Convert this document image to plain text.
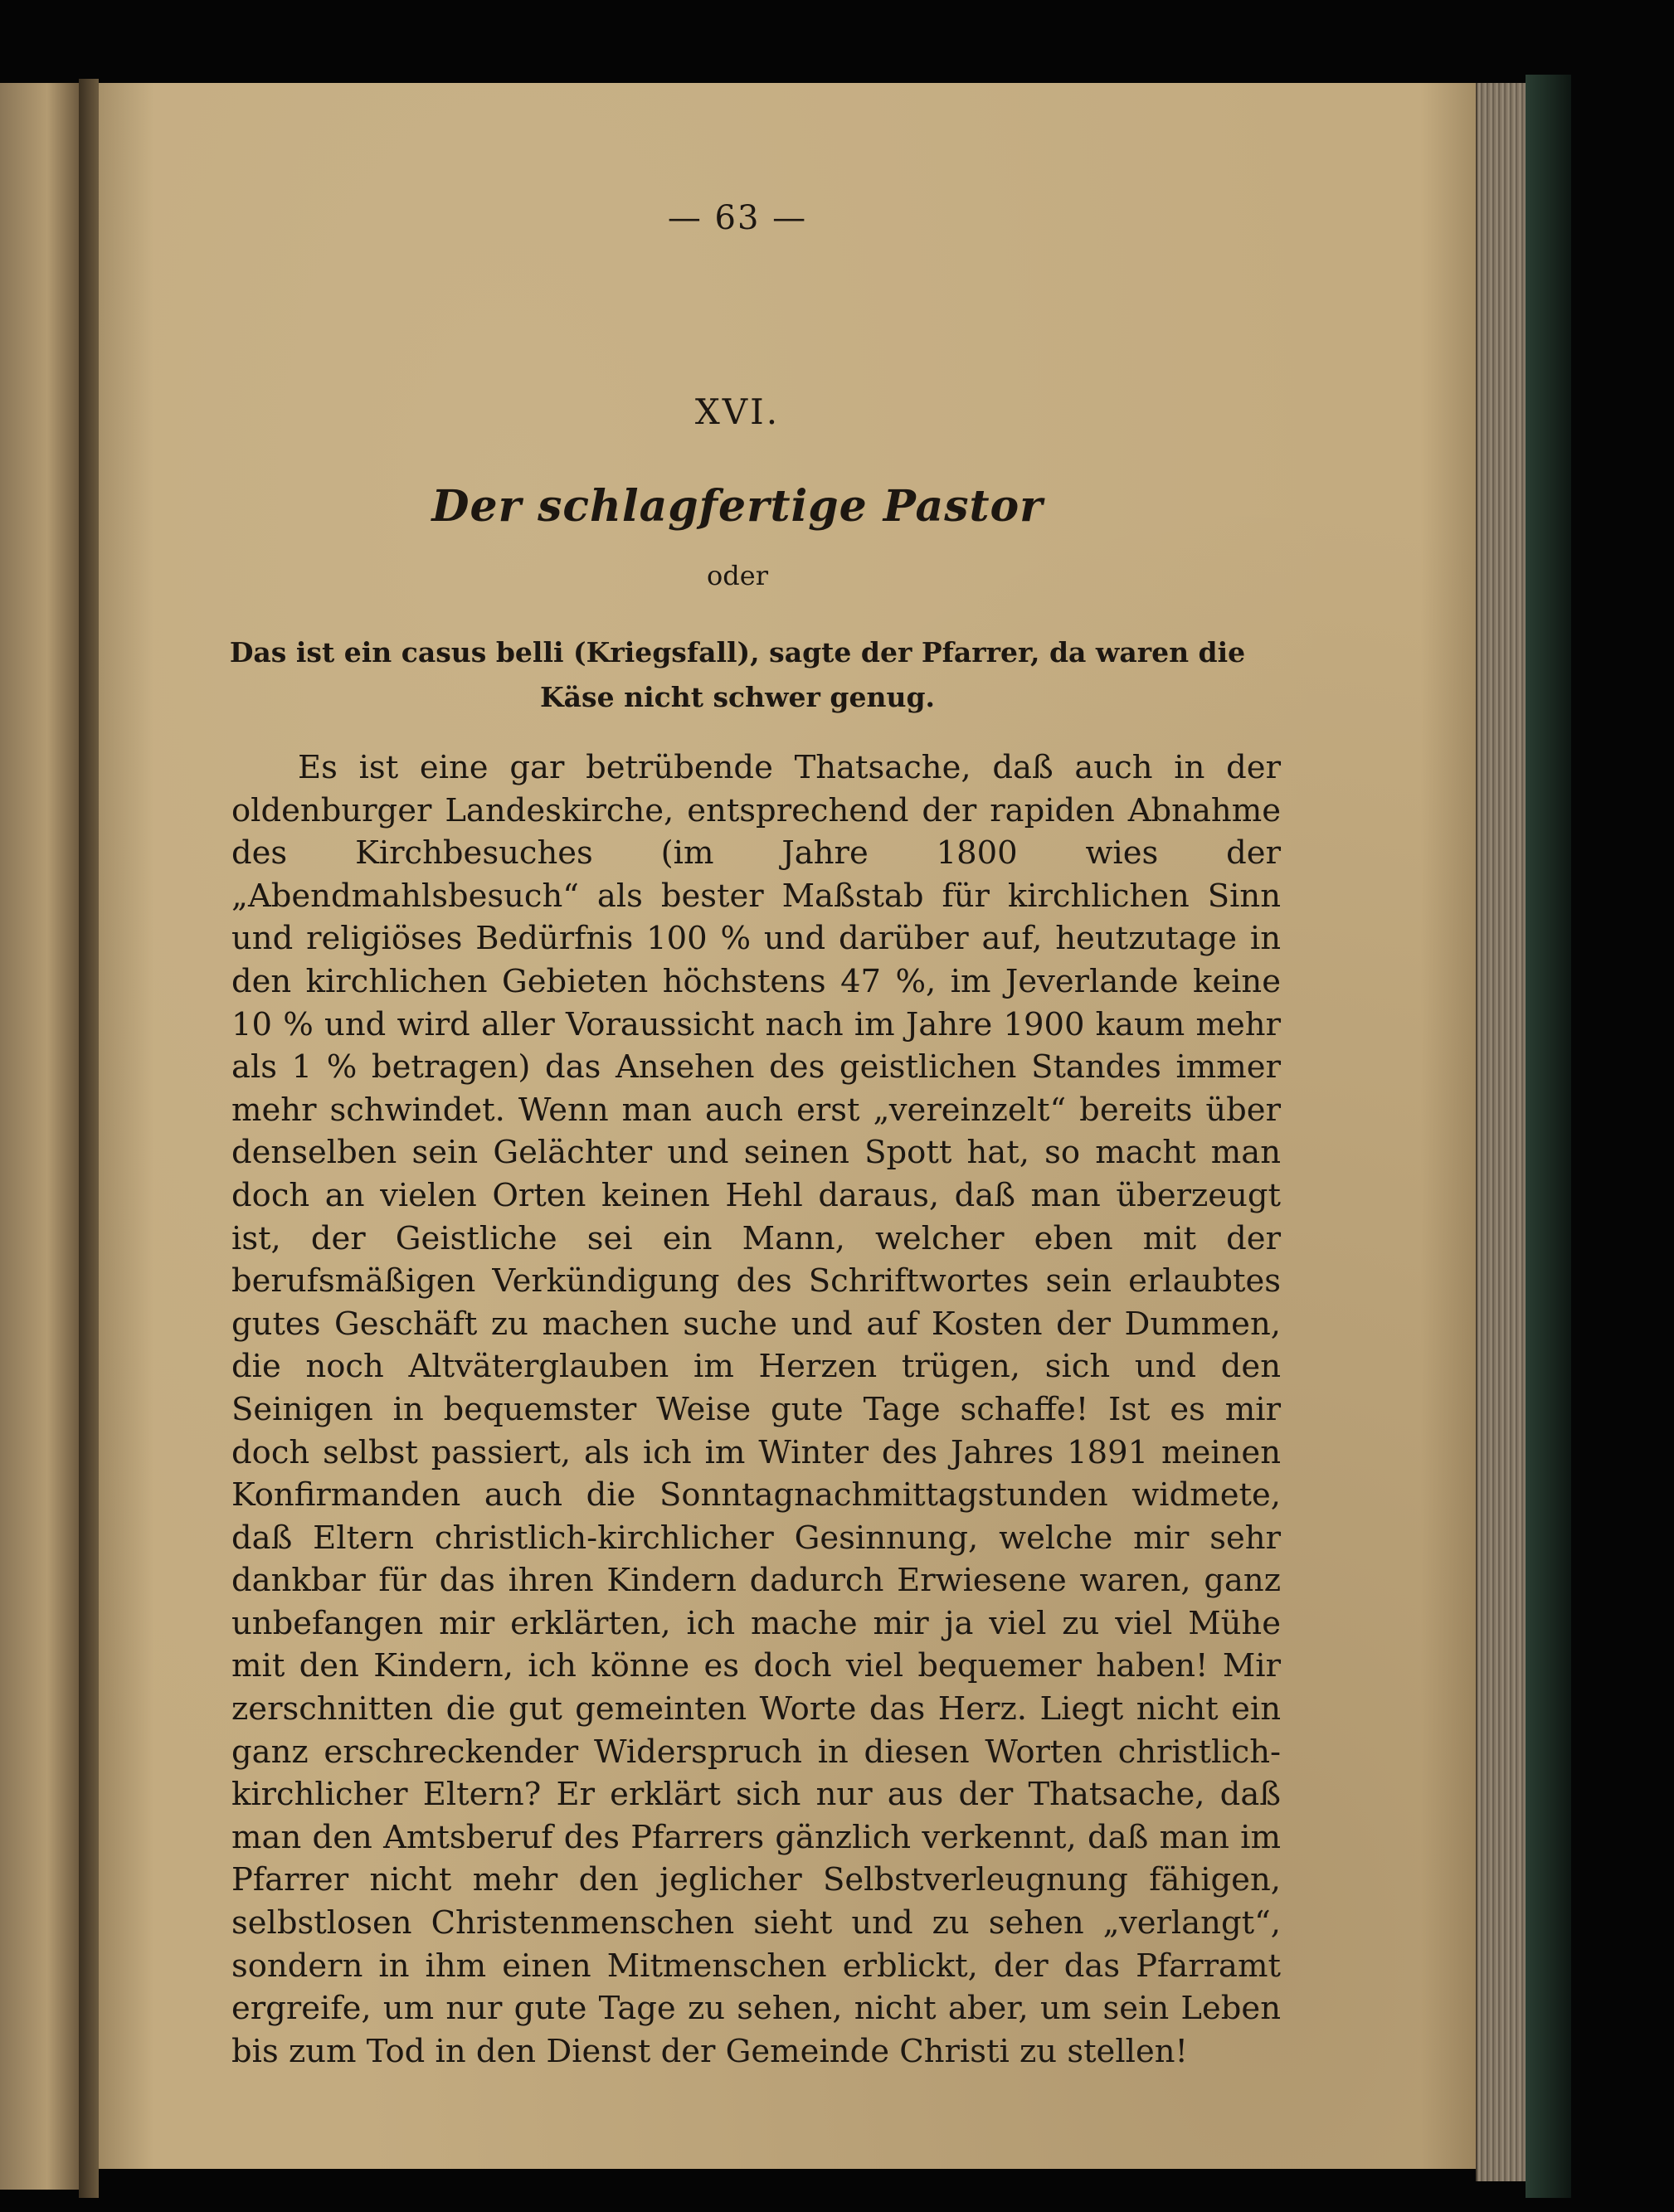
— 63 —
XVI.
Der schlagfertige Pastor
oder
Das ist ein casus belli (Kriegsfall), sagte der Pfarrer, da waren die Käse nicht schwer genug.

Es ist eine gar betrübende Thatsache, daß auch in der oldenburger Landeskirche, entsprechend der rapiden Abnahme des Kirchbesuches (im Jahre 1800 wies der „Abendmahlsbesuch“ als bester Maßstab für kirchlichen Sinn und religiöses Bedürfnis 100 % und darüber auf, heutzutage in den kirchlichen Gebieten höchstens 47 %, im Jeverlande keine 10 % und wird aller Voraussicht nach im Jahre 1900 kaum mehr als 1 % betragen) das Ansehen des geistlichen Standes immer mehr schwindet. Wenn man auch erst „vereinzelt“ bereits über denselben sein Gelächter und seinen Spott hat, so macht man doch an vielen Orten keinen Hehl daraus, daß man überzeugt ist, der Geistliche sei ein Mann, welcher eben mit der berufsmäßigen Verkündigung des Schriftwortes sein erlaubtes gutes Geschäft zu machen suche und auf Kosten der Dummen, die noch Altväterglauben im Herzen trügen, sich und den Seinigen in bequemster Weise gute Tage schaffe! Ist es mir doch selbst passiert, als ich im Winter des Jahres 1891 meinen Konfirmanden auch die Sonntagnachmittagstunden widmete, daß Eltern christlich-kirchlicher Gesinnung, welche mir sehr dankbar für das ihren Kindern dadurch Erwiesene waren, ganz unbefangen mir erklärten, ich mache mir ja viel zu viel Mühe mit den Kindern, ich könne es doch viel bequemer haben! Mir zerschnitten die gut gemeinten Worte das Herz. Liegt nicht ein ganz erschreckender Widerspruch in diesen Worten christlich-kirchlicher Eltern? Er erklärt sich nur aus der Thatsache, daß man den Amtsberuf des Pfarrers gänzlich verkennt, daß man im Pfarrer nicht mehr den jeglicher Selbstverleugnung fähigen, selbstlosen Christenmenschen sieht und zu sehen „verlangt“, sondern in ihm einen Mitmenschen erblickt, der das Pfarramt ergreife, um nur gute Tage zu sehen, nicht aber, um sein Leben bis zum Tod in den Dienst der Gemeinde Christi zu stellen!
